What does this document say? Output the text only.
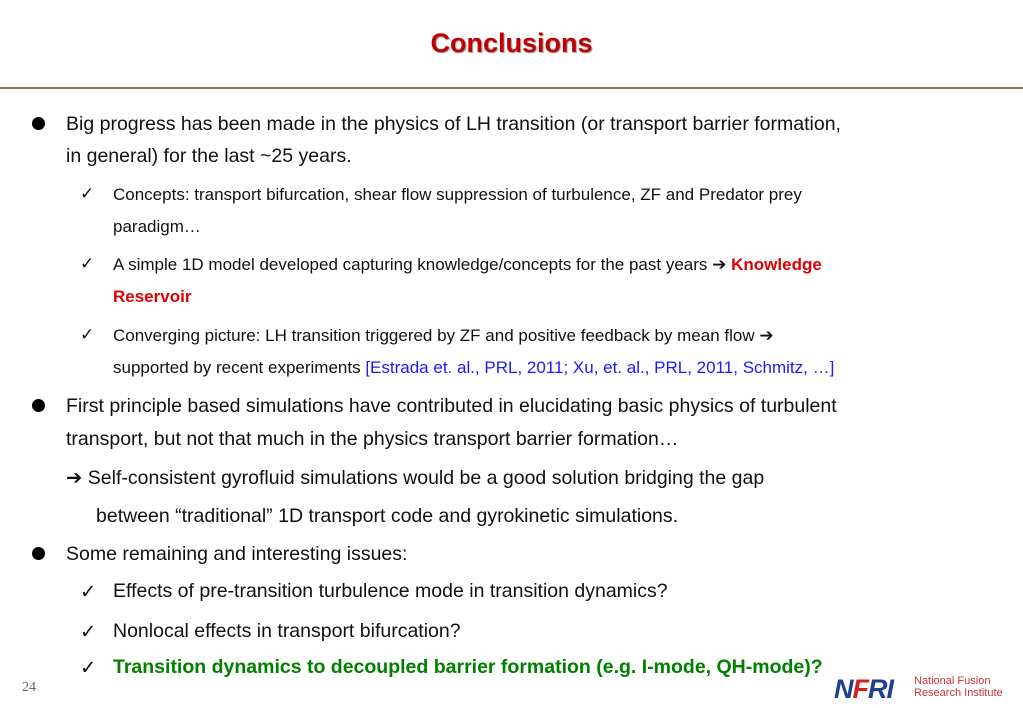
Conclusions
Big progress has been made in the physics of LH transition (or transport barrier formation,
in general) for the last ~25 years.
✓ Concepts: transport bifurcation, shear flow suppression of turbulence, ZF and Predator prey
paradigm…
✓ A simple 1D model developed capturing knowledge/concepts for the past years ➔ Knowledge
Reservoir
✓ Converging picture: LH transition triggered by ZF and positive feedback by mean flow ➔
supported by recent experiments [Estrada et. al., PRL, 2011; Xu, et. al., PRL, 2011, Schmitz, …]
First principle based simulations have contributed in elucidating basic physics of turbulent
transport, but not that much in the physics transport barrier formation…
➔ Self-consistent gyrofluid simulations would be a good solution bridging the gap
between “traditional” 1D transport code and gyrokinetic simulations.
Some remaining and interesting issues:
✓ Effects of pre-transition turbulence mode in transition dynamics?
✓ Nonlocal effects in transport bifurcation?
✓ Transition dynamics to decoupled barrier formation (e.g. I-mode, QH-mode)?
24	NFRI National Fusion
Research Institute
